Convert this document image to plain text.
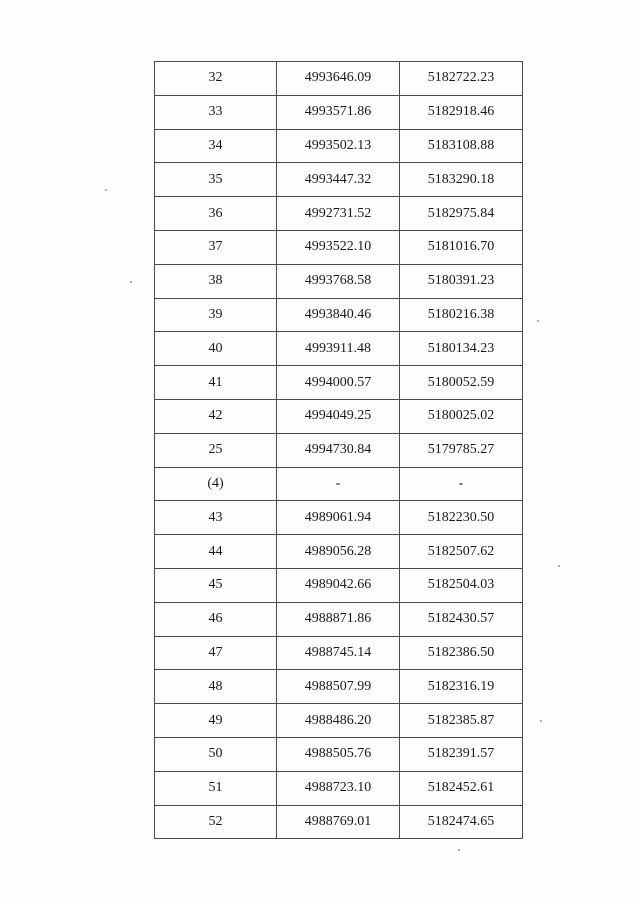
32	4993646.09	5182722.23
33	4993571.86	5182918.46
34	4993502.13	5183108.88
35	4993447.32	5183290.18
36	4992731.52	5182975.84
37	4993522.10	5181016.70
38	4993768.58	5180391.23
39	4993840.46	5180216.38
40	4993911.48	5180134.23
41	4994000.57	5180052.59
42	4994049.25	5180025.02
25	4994730.84	5179785.27
(4)	-	-
43	4989061.94	5182230.50
44	4989056.28	5182507.62
45	4989042.66	5182504.03
46	4988871.86	5182430.57
47	4988745.14	5182386.50
48	4988507.99	5182316.19
49	4988486.20	5182385.87
50	4988505.76	5182391.57
51	4988723.10	5182452.61
52	4988769.01	5182474.65
